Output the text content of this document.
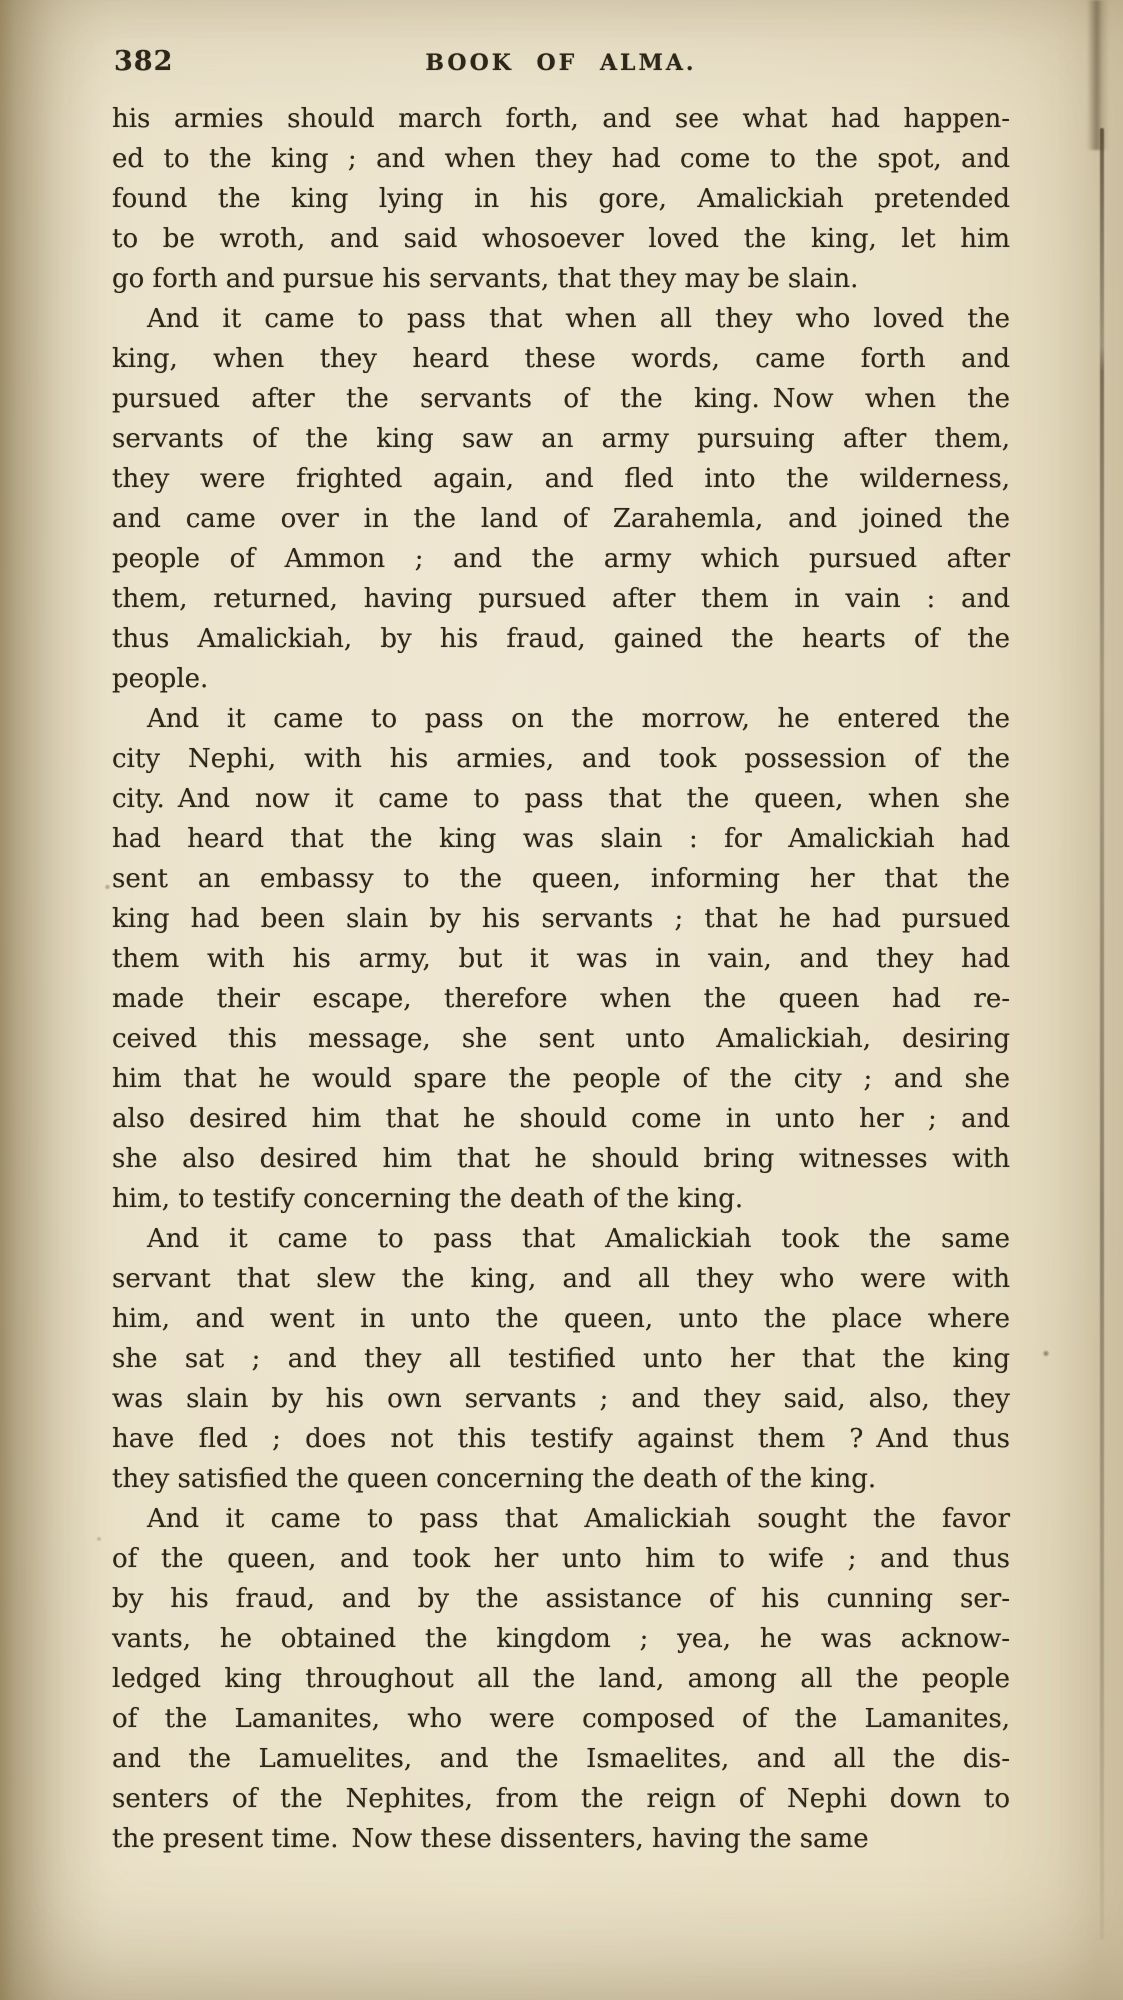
382	BOOK OF ALMA.
his armies should march forth, and see what had happen-
ed to the king ; and when they had come to the spot, and
found the king lying in his gore, Amalickiah pretended
to be wroth, and said whosoever loved the king, let him
go forth and pursue his servants, that they may be slain.
And it came to pass that when all they who loved the
king, when they heard these words, came forth and
pursued after the servants of the king. Now when the
servants of the king saw an army pursuing after them,
they were frighted again, and fled into the wilderness,
and came over in the land of Zarahemla, and joined the
people of Ammon ; and the army which pursued after
them, returned, having pursued after them in vain : and
thus Amalickiah, by his fraud, gained the hearts of the
people.
And it came to pass on the morrow, he entered the
city Nephi, with his armies, and took possession of the
city. And now it came to pass that the queen, when she
had heard that the king was slain : for Amalickiah had
sent an embassy to the queen, informing her that the
king had been slain by his servants ; that he had pursued
them with his army, but it was in vain, and they had
made their escape, therefore when the queen had re-
ceived this message, she sent unto Amalickiah, desiring
him that he would spare the people of the city ; and she
also desired him that he should come in unto her ; and
she also desired him that he should bring witnesses with
him, to testify concerning the death of the king.
And it came to pass that Amalickiah took the same
servant that slew the king, and all they who were with
him, and went in unto the queen, unto the place where
she sat ; and they all testified unto her that the king
was slain by his own servants ; and they said, also, they
have fled ; does not this testify against them ? And thus
they satisfied the queen concerning the death of the king.
And it came to pass that Amalickiah sought the favor
of the queen, and took her unto him to wife ; and thus
by his fraud, and by the assistance of his cunning ser-
vants, he obtained the kingdom ; yea, he was acknow-
ledged king throughout all the land, among all the people
of the Lamanites, who were composed of the Lamanites,
and the Lamuelites, and the Ismaelites, and all the dis-
senters of the Nephites, from the reign of Nephi down to
the present time. Now these dissenters, having the same
